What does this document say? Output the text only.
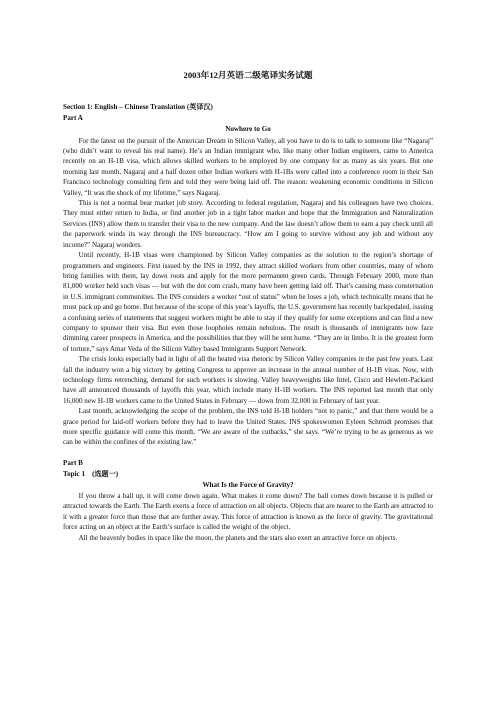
2003年12月英语二级笔译实务试题
Section 1: English – Chinese Translation (英译汉)
Part A
Nowhere to Go

For the latest on the pursuit of the American Dream in Silicon Valley, all you have to do is to talk to someone like “Nagaraj” (who didn’t want to reveal his real name). He’s an Indian immigrant who, like many other Indian engineers, came to America recently on an H-1B visa, which allows skilled workers to be employed by one company for as many as six years. But one morning last month, Nagaraj and a half dozen other Indian workers with H-1Bs were called into a conference room in their San Francisco technology consulting firm and told they were being laid off. The reason: weakening economic conditions in Silicon Valley, “It was the shock of my lifetime,” says Nagaraj.

This is not a normal bear market job story. According to federal regulation, Nagaraj and his colleagues have two choices. They must either return to India, or find another job in a tight labor market and hope that the Immigration and Naturalization Services (INS) allow them to transfer their visa to the new company. And the law doesn’t allow them to earn a pay check until all the paperwork winds its way through the INS bureaucracy. “How am I going to survive without any job and without any income?” Nagaraj wonders.

Until recently, H-1B visas were championed by Silicon Valley companies as the solution to the region’s shortage of programmers and engineers. First issued by the INS in 1992, they attract skilled workers from other countries, many of whom bring families with them, lay down roots and apply for the more permanent green cards. Through February 2000, more than 81,000 worker held such visas — but with the dot com crash, many have been getting laid off. That’s causing mass consternation in U.S. immigrant communities. The INS considers a worker “out of status” when he loses a job, which technically means that he must pack up and go home. But because of the scope of this year’s layoffs, the U.S. government has recently backpedaled, issuing a confusing series of statements that suggest workers might be able to stay if they qualify for some exceptions and can find a new company to sponsor their visa. But even those loopholes remain nebulous. The result is thousands of immigrants now face dimming career prospects in America, and the possibilities that they will be sent home. “They are in limbo. It is the greatest form of torture,” says Amar Veda of the Silicon Valley based Immigrants Support Network.

The crisis looks especially bad in light of all the heated visa rhetoric by Silicon Valley companies in the past few years. Last fall the industry won a big victory by getting Congress to approve an increase in the annual number of H-1B visas. Now, with technology firms retrenching, demand for such workers is slowing. Valley heavyweights like Intel, Cisco and Hewlett-Packard have all announced thousands of layoffs this year, which include many H-1B workers. The INS reported last month that only 16,000 new H-1B workers came to the United States in February — down from 32,000 in February of last year.

Last month, acknowledging the scope of the problem, the INS told H-1B holders “not to panic,” and that there would be a grace period for laid-off workers before they had to leave the United States. INS spokeswomen Eyleen Schmidt promises that more specific guidance will come this month. “We are aware of the cutbacks,” she says. “We’re trying to be as generous as we can be within the confines of the existing law.”

Part B
Topic 1　(选题一)
What Is the Force of Gravity?

If you throw a ball up, it will come down again. What makes it come down? The ball comes down because it is pulled or attracted towards the Earth. The Earth exerts a force of attraction on all objects. Objects that are nearer to the Earth are attracted to it with a greater force than those that are further away. This force of attraction is known as the force of gravity. The gravitational force acting on an object at the Earth’s surface is called the weight of the object.

All the heavenly bodies in space like the moon, the planets and the stars also exert an attractive force on objects.
